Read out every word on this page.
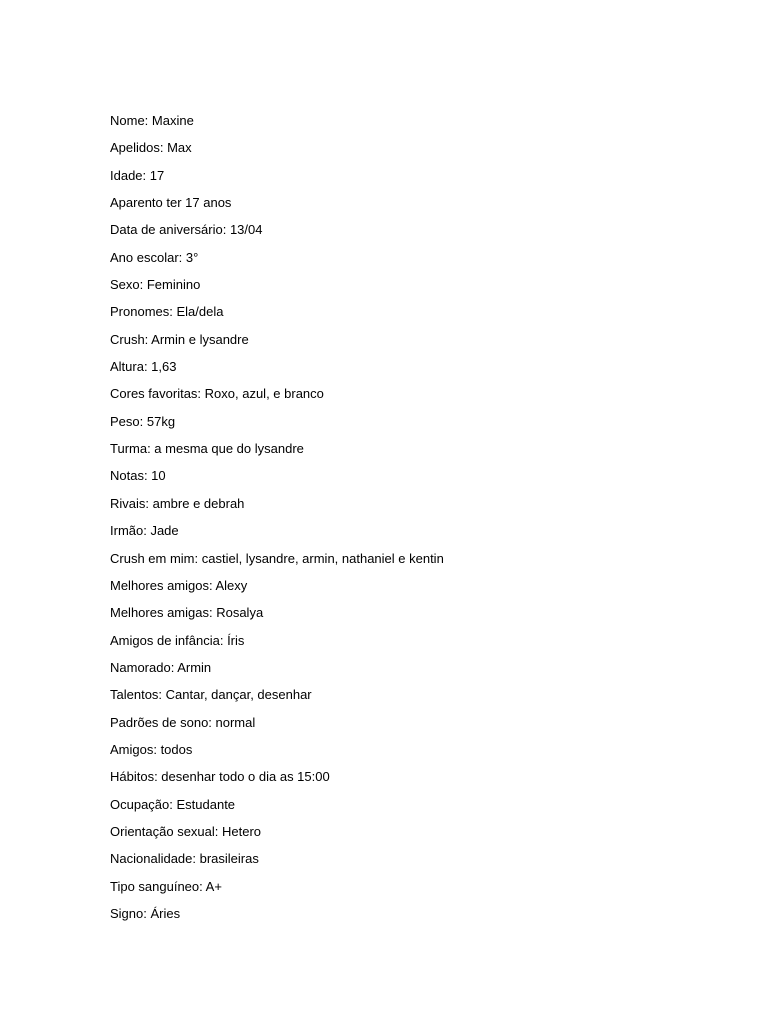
Nome: Maxine
Apelidos: Max
Idade: 17
Aparento ter 17 anos
Data de aniversário: 13/04
Ano escolar: 3°
Sexo: Feminino
Pronomes: Ela/dela
Crush: Armin e lysandre
Altura: 1,63
Cores favoritas: Roxo, azul, e branco
Peso: 57kg
Turma: a mesma que do lysandre
Notas: 10
Rivais: ambre e debrah
Irmão: Jade
Crush em mim: castiel, lysandre, armin, nathaniel e kentin
Melhores amigos: Alexy
Melhores amigas: Rosalya
Amigos de infância: Íris
Namorado: Armin
Talentos: Cantar, dançar, desenhar
Padrões de sono: normal
Amigos: todos
Hábitos: desenhar todo o dia as 15:00
Ocupação: Estudante
Orientação sexual: Hetero
Nacionalidade: brasileiras
Tipo sanguíneo: A+
Signo: Áries
